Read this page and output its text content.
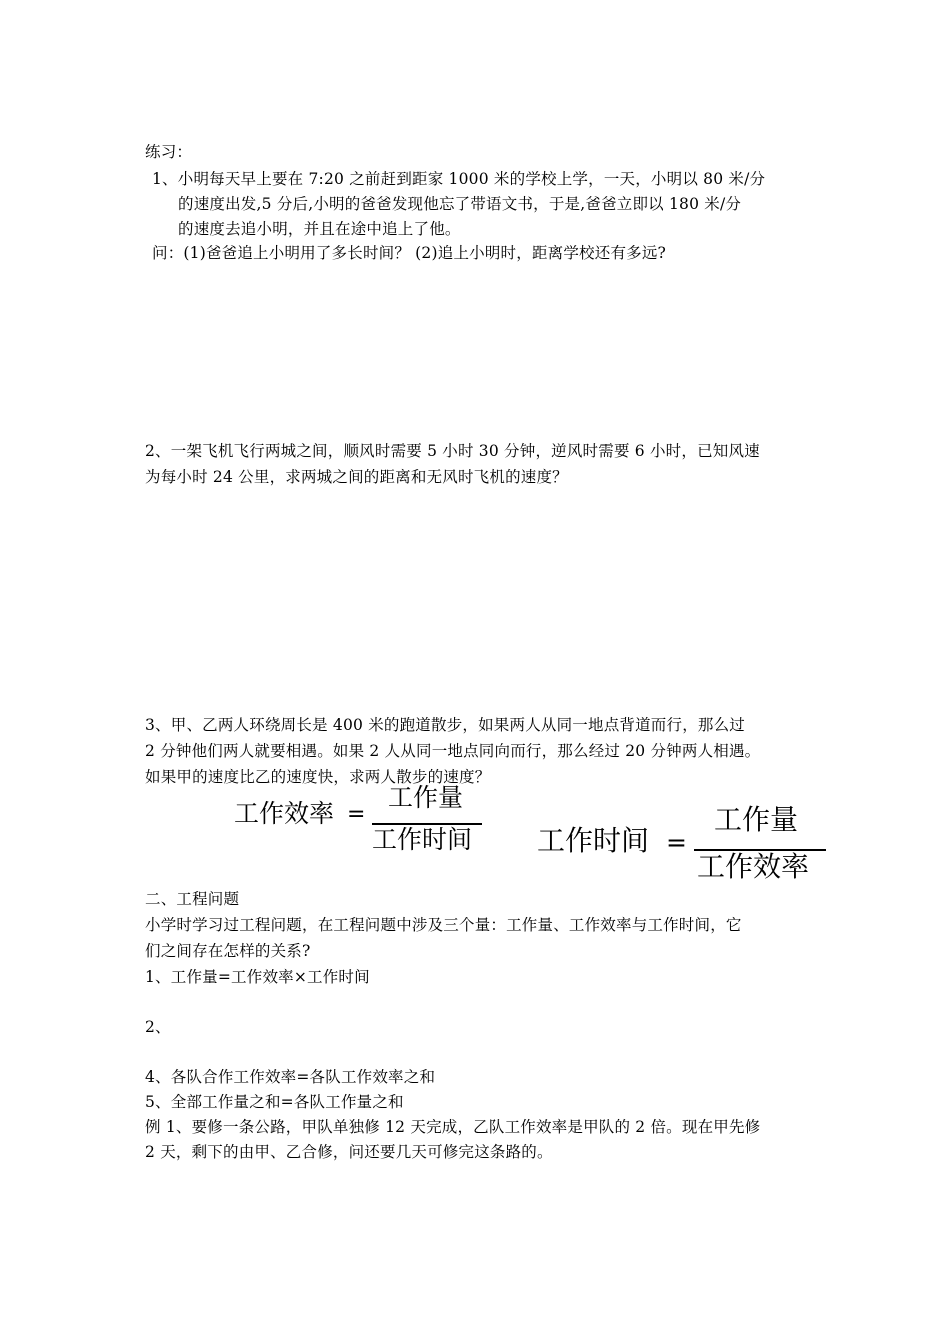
练习：
1、小明每天早上要在 7:20 之前赶到距家 1000 米的学校上学，一天，小明以 80 米/分
的速度出发,5 分后,小明的爸爸发现他忘了带语文书，于是,爸爸立即以 180 米/分
的速度去追小明，并且在途中追上了他。
问：(1)爸爸追上小明用了多长时间？ (2)追上小明时，距离学校还有多远?
2、一架飞机飞行两城之间，顺风时需要 5 小时 30 分钟，逆风时需要 6 小时，已知风速
为每小时 24 公里，求两城之间的距离和无风时飞机的速度？
3、甲、乙两人环绕周长是 400 米的跑道散步，如果两人从同一地点背道而行，那么过
2 分钟他们两人就要相遇。如果 2 人从同一地点同向而行，那么经过 20 分钟两人相遇。
如果甲的速度比乙的速度快，求两人散步的速度？
工作效率 =
工作量
工作时间 工作时间 =
工作量
工作效率
二、工程问题
小学时学习过工程问题，在工程问题中涉及三个量：工作量、工作效率与工作时间，它
们之间存在怎样的关系?
1、工作量=工作效率×工作时间
2、
4、各队合作工作效率=各队工作效率之和
5、全部工作量之和=各队工作量之和
例 1、要修一条公路，甲队单独修 12 天完成，乙队工作效率是甲队的 2 倍。现在甲先修
2 天，剩下的由甲、乙合修，问还要几天可修完这条路的。
